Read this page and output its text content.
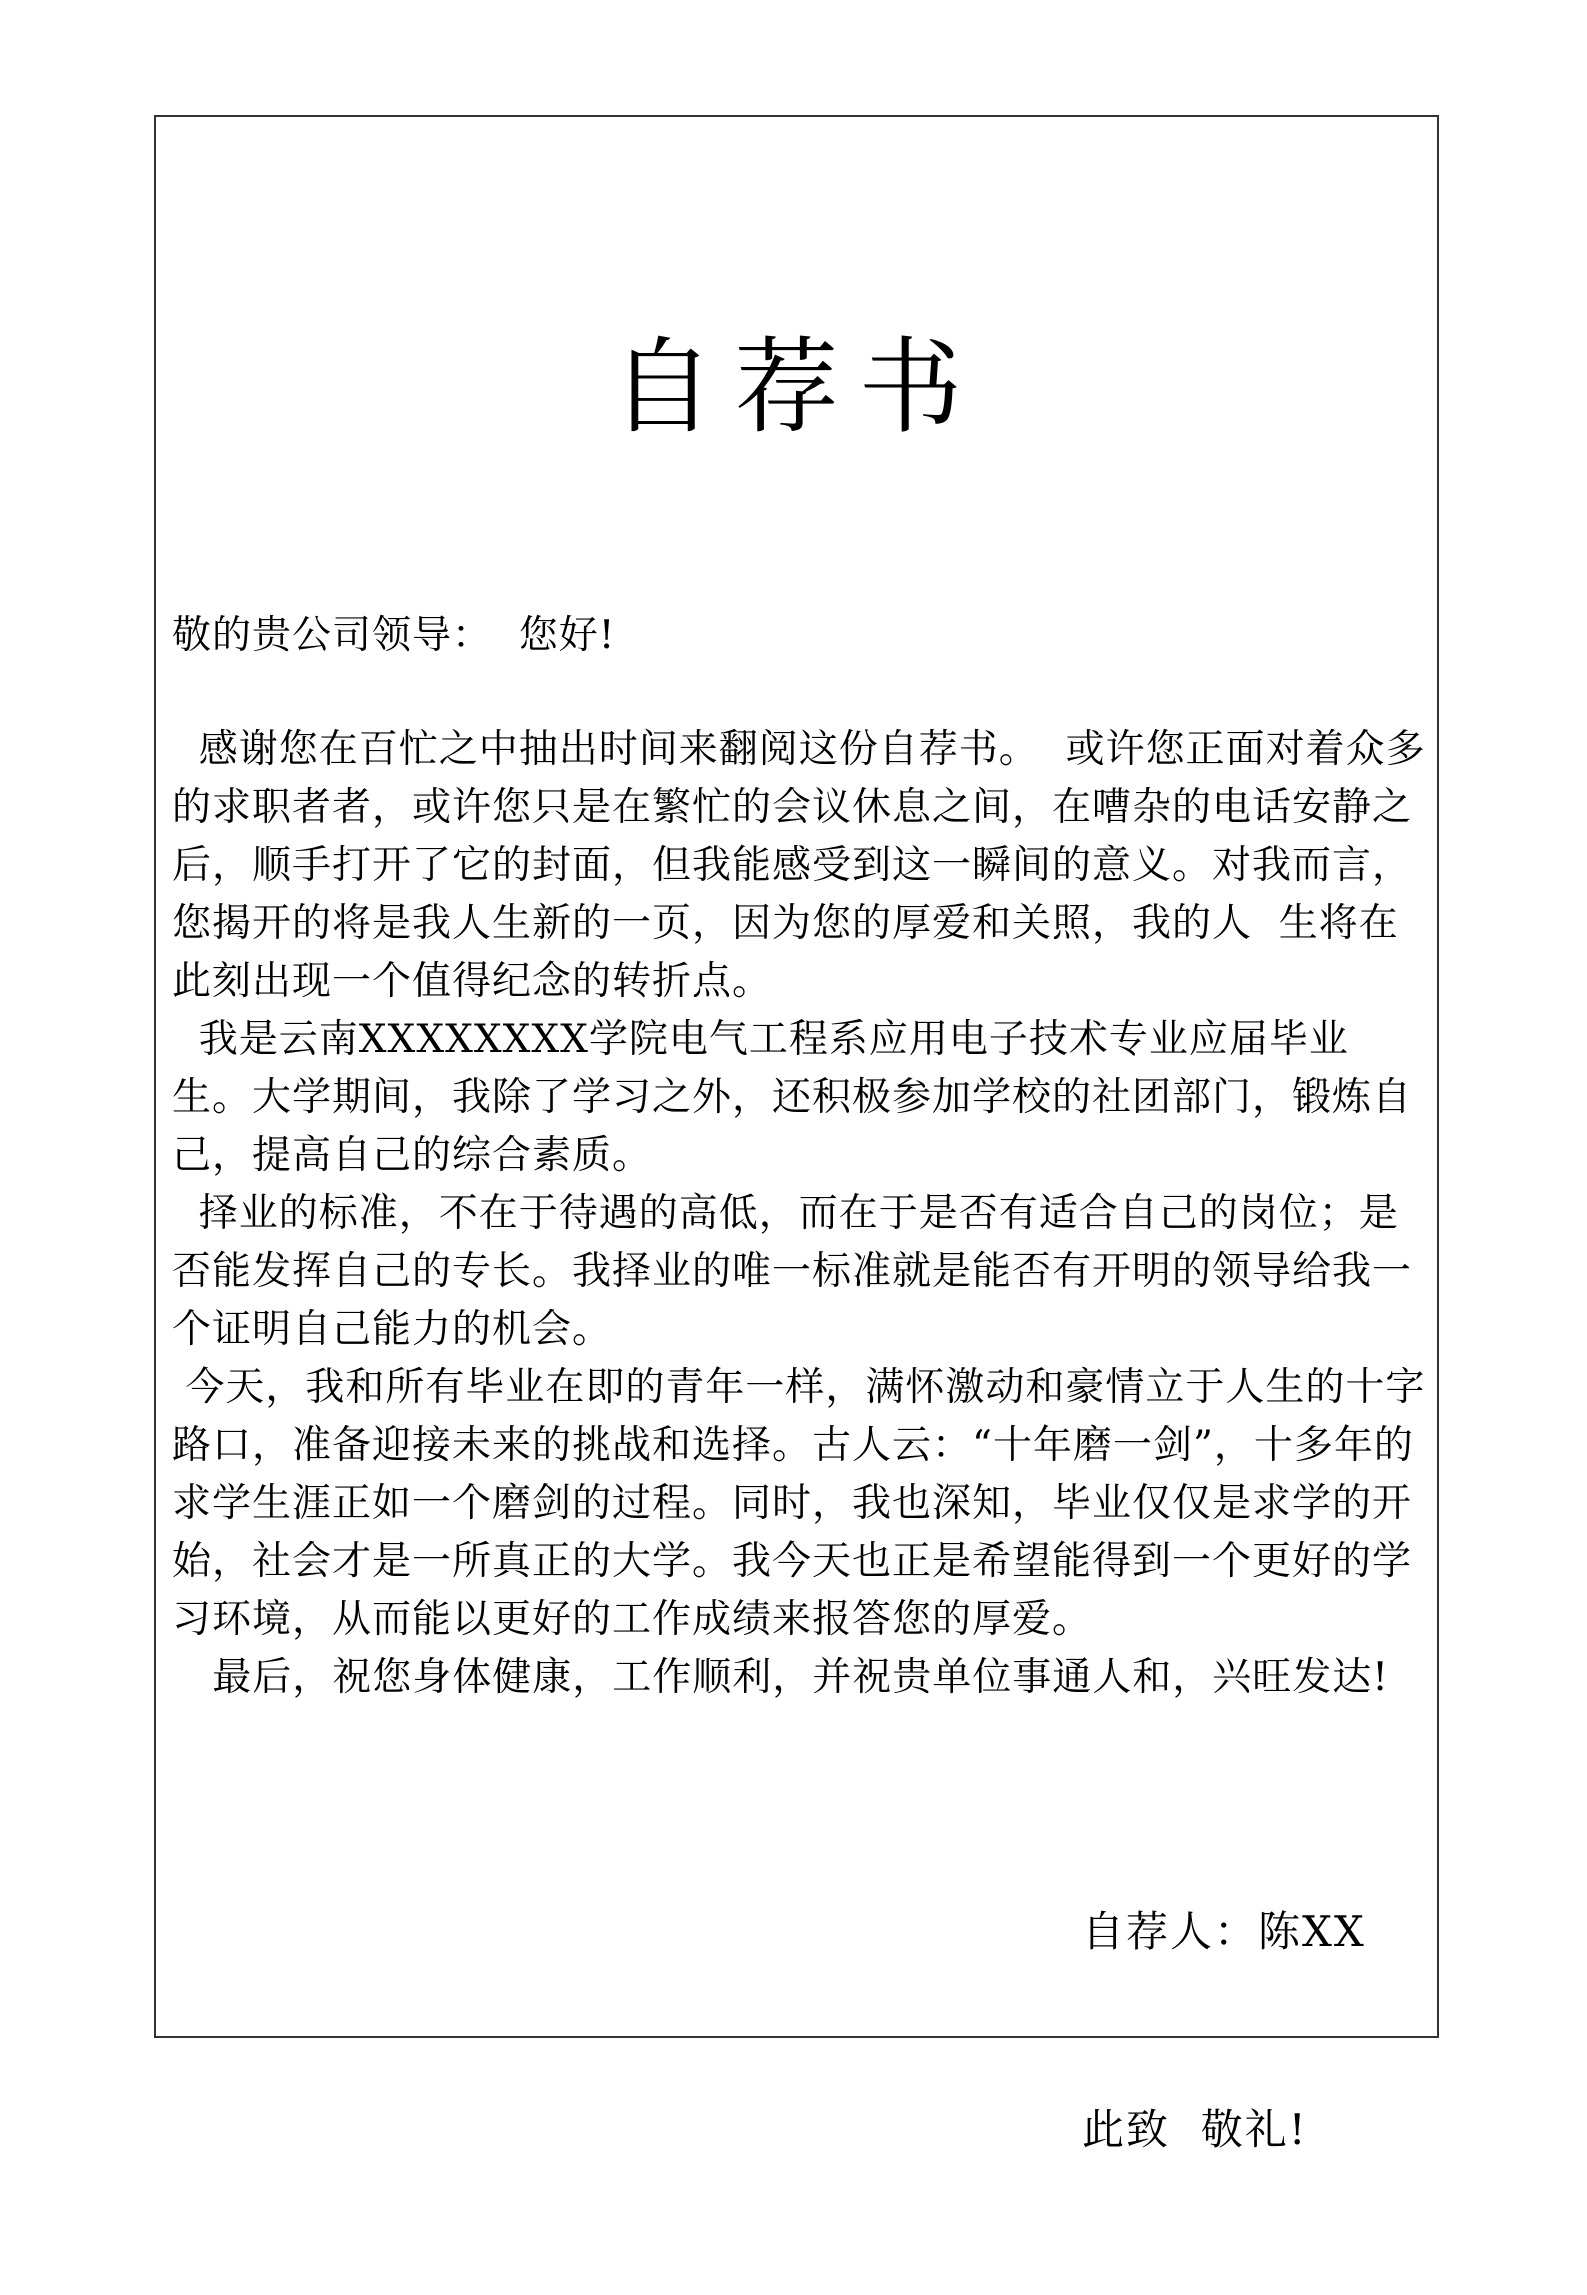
自荐书
敬的贵公司领导：  您好!

感谢您在百忙之中抽出时间来翻阅这份自荐书。  或许您正面对着众多的求职者者，或许您只是在繁忙的会议休息之间，在嘈杂的电话安静之后，顺手打开了它的封面，但我能感受到这一瞬间的意义。对我而言，您揭开的将是我人生新的一页，因为您的厚爱和关照，我的人  生将在此刻出现一个值得纪念的转折点。

我是云南XXXXXXXX学院电气工程系应用电子技术专业应届毕业生。大学期间，我除了学习之外，还积极参加学校的社团部门，锻炼自己，提高自己的综合素质。

择业的标准，不在于待遇的高低，而在于是否有适合自己的岗位；是否能发挥自己的专长。我择业的唯一标准就是能否有开明的领导给我一个证明自己能力的机会。

今天，我和所有毕业在即的青年一样，满怀激动和豪情立于人生的十字路口，准备迎接未来的挑战和选择。古人云：“十年磨一剑”，十多年的求学生涯正如一个磨剑的过程。同时，我也深知，毕业仅仅是求学的开始，社会才是一所真正的大学。我今天也正是希望能得到一个更好的学习环境，从而能以更好的工作成绩来报答您的厚爱。

最后，祝您身体健康，工作顺利，并祝贵单位事通人和，兴旺发达!

自荐人：陈XX

此致  敬礼!
